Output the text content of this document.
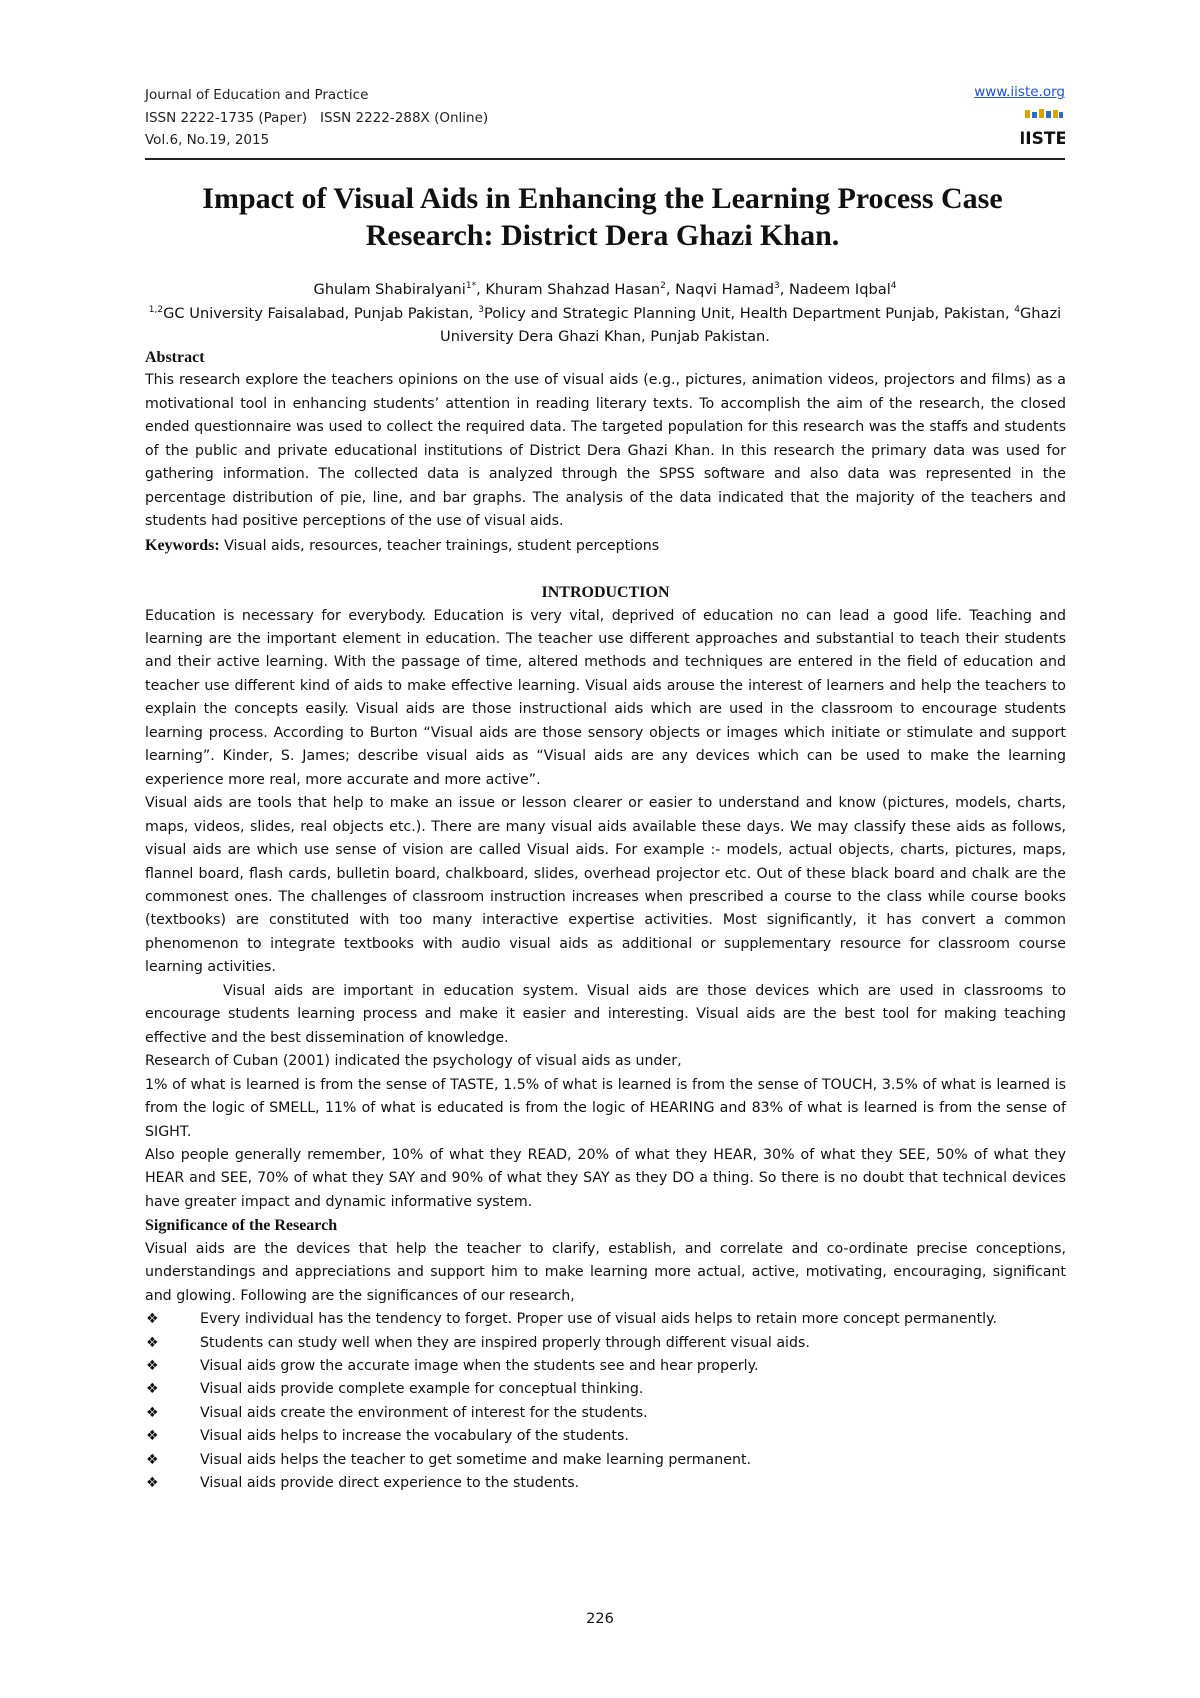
Journal of Education and Practice
ISSN 2222-1735 (Paper)   ISSN 2222-288X (Online)
Vol.6, No.19, 2015
www.iiste.org
IISTE
Impact of Visual Aids in Enhancing the Learning Process Case Research: District Dera Ghazi Khan.
Ghulam Shabiralyani$^{1*}$, Khuram Shahzad Hasan$^2$, Naqvi Hamad$^3$, Nadeem Iqbal$^4$
$^{1,2}$GC University Faisalabad, Punjab Pakistan, $^3$Policy and Strategic Planning Unit, Health Department Punjab, Pakistan, $^4$Ghazi University Dera Ghazi Khan, Punjab Pakistan.

Abstract

This research explore the teachers opinions on the use of visual aids (e.g., pictures, animation videos, projectors and films) as a motivational tool in enhancing students’ attention in reading literary texts. To accomplish the aim of the research, the closed ended questionnaire was used to collect the required data. The targeted population for this research was the staffs and students of the public and private educational institutions of District Dera Ghazi Khan. In this research the primary data was used for gathering information. The collected data is analyzed through the SPSS software and also data was represented in the percentage distribution of pie, line, and bar graphs. The analysis of the data indicated that the majority of the teachers and students had positive perceptions of the use of visual aids.

Keywords: Visual aids, resources, teacher trainings, student perceptions

INTRODUCTION

Education is necessary for everybody. Education is very vital, deprived of education no can lead a good life. Teaching and learning are the important element in education. The teacher use different approaches and substantial to teach their students and their active learning. With the passage of time, altered methods and techniques are entered in the field of education and teacher use different kind of aids to make effective learning. Visual aids arouse the interest of learners and help the teachers to explain the concepts easily. Visual aids are those instructional aids which are used in the classroom to encourage students learning process. According to Burton “Visual aids are those sensory objects or images which initiate or stimulate and support learning”. Kinder, S. James; describe visual aids as “Visual aids are any devices which can be used to make the learning experience more real, more accurate and more active”.

Visual aids are tools that help to make an issue or lesson clearer or easier to understand and know (pictures, models, charts, maps, videos, slides, real objects etc.). There are many visual aids available these days. We may classify these aids as follows, visual aids are which use sense of vision are called Visual aids. For example :- models, actual objects, charts, pictures, maps, flannel board, flash cards, bulletin board, chalkboard, slides, overhead projector etc. Out of these black board and chalk are the commonest ones. The challenges of classroom instruction increases when prescribed a course to the class while course books (textbooks) are constituted with too many interactive expertise activities. Most significantly, it has convert a common phenomenon to integrate textbooks with audio visual aids as additional or supplementary resource for classroom course learning activities.

Visual aids are important in education system. Visual aids are those devices which are used in classrooms to encourage students learning process and make it easier and interesting. Visual aids are the best tool for making teaching effective and the best dissemination of knowledge.

Research of Cuban (2001) indicated the psychology of visual aids as under,

1% of what is learned is from the sense of TASTE, 1.5% of what is learned is from the sense of TOUCH, 3.5% of what is learned is from the logic of SMELL, 11% of what is educated is from the logic of HEARING and 83% of what is learned is from the sense of SIGHT.

Also people generally remember, 10% of what they READ, 20% of what they HEAR, 30% of what they SEE, 50% of what they HEAR and SEE, 70% of what they SAY and 90% of what they SAY as they DO a thing. So there is no doubt that technical devices have greater impact and dynamic informative system.

Significance of the Research

Visual aids are the devices that help the teacher to clarify, establish, and correlate and co-ordinate precise conceptions, understandings and appreciations and support him to make learning more actual, active, motivating, encouraging, significant and glowing. Following are the significances of our research,

❖	Every individual has the tendency to forget. Proper use of visual aids helps to retain more concept permanently.
❖	Students can study well when they are inspired properly through different visual aids.
❖	Visual aids grow the accurate image when the students see and hear properly.
❖	Visual aids provide complete example for conceptual thinking.
❖	Visual aids create the environment of interest for the students.
❖	Visual aids helps to increase the vocabulary of the students.
❖	Visual aids helps the teacher to get sometime and make learning permanent.
❖	Visual aids provide direct experience to the students.
226
